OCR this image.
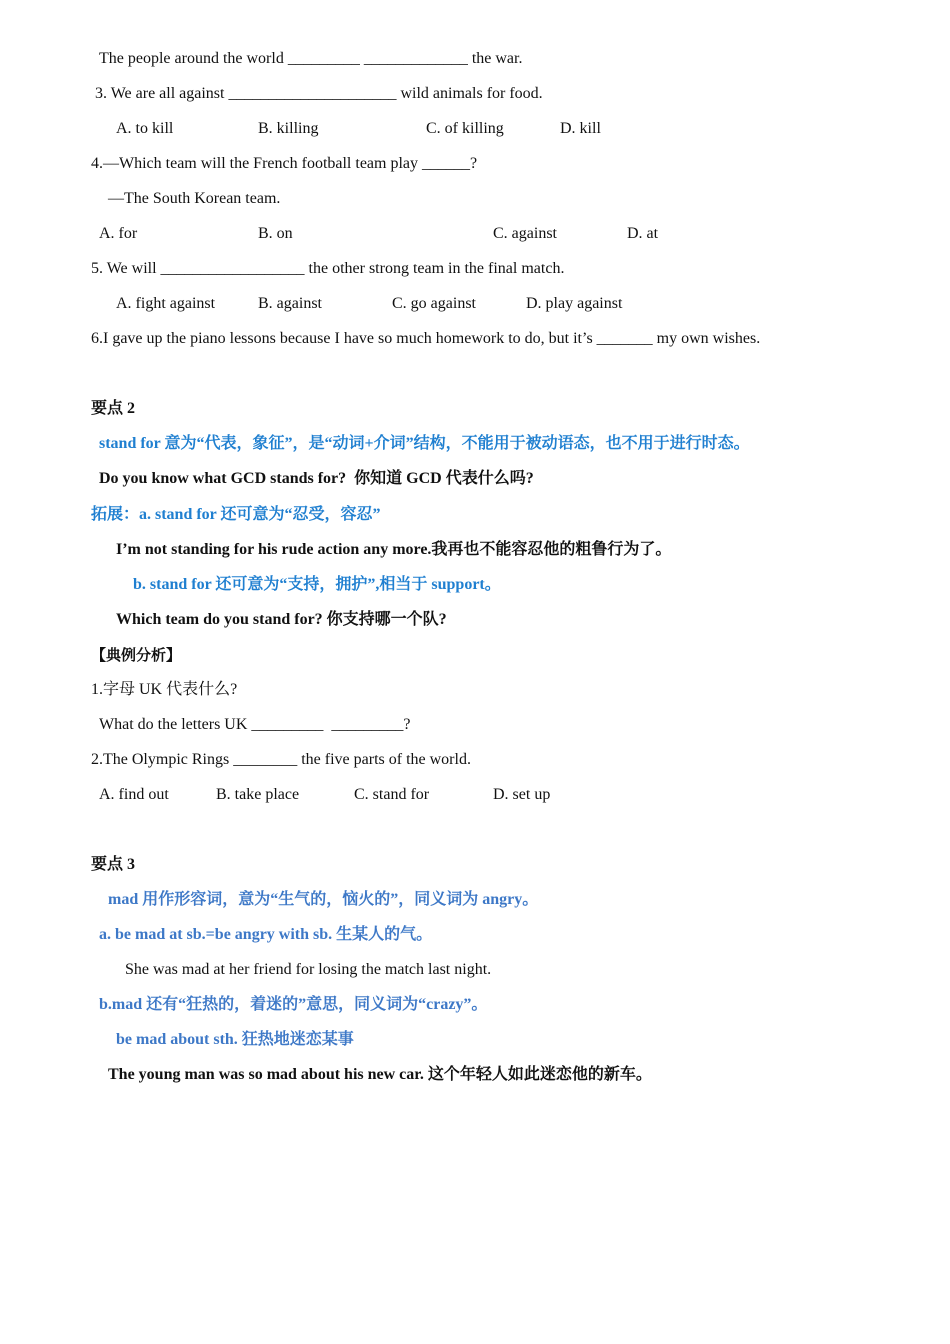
The people around the world _________ _____________ the war.
3. We are all against _____________________ wild animals for food.
A. to kill	B. killing	C. of killing	D. kill
4.—Which team will the French football team play ______?
—The South Korean team.
A. for	B. on	C. against	D. at
5. We will __________________ the other strong team in the final match.
A. fight against	B. against	C. go against	D. play against
6.I gave up the piano lessons because I have so much homework to do, but it’s _______ my own wishes.
要点 2
stand for 意为“代表，象征”，是“动词+介词”结构，不能用于被动语态，也不用于进行时态。
Do you know what GCD stands for?  你知道 GCD 代表什么吗?
拓展：a. stand for 还可意为“忍受，容忍”
I’m not standing for his rude action any more.我再也不能容忍他的粗鲁行为了。
b. stand for 还可意为“支持，拥护”,相当于 support。
Which team do you stand for? 你支持哪一个队?
【典例分析】
1.字母 UK 代表什么?
What do the letters UK _________  _________?
2.The Olympic Rings ________ the five parts of the world.
A. find out	B. take place	C. stand for	D. set up
要点 3
mad 用作形容词，意为“生气的，恼火的”，同义词为 angry。
a. be mad at sb.=be angry with sb. 生某人的气。
She was mad at her friend for losing the match last night.
b.mad 还有“狂热的，着迷的”意思，同义词为“crazy”。
be mad about sth. 狂热地迷恋某事
The young man was so mad about his new car. 这个年轻人如此迷恋他的新车。
